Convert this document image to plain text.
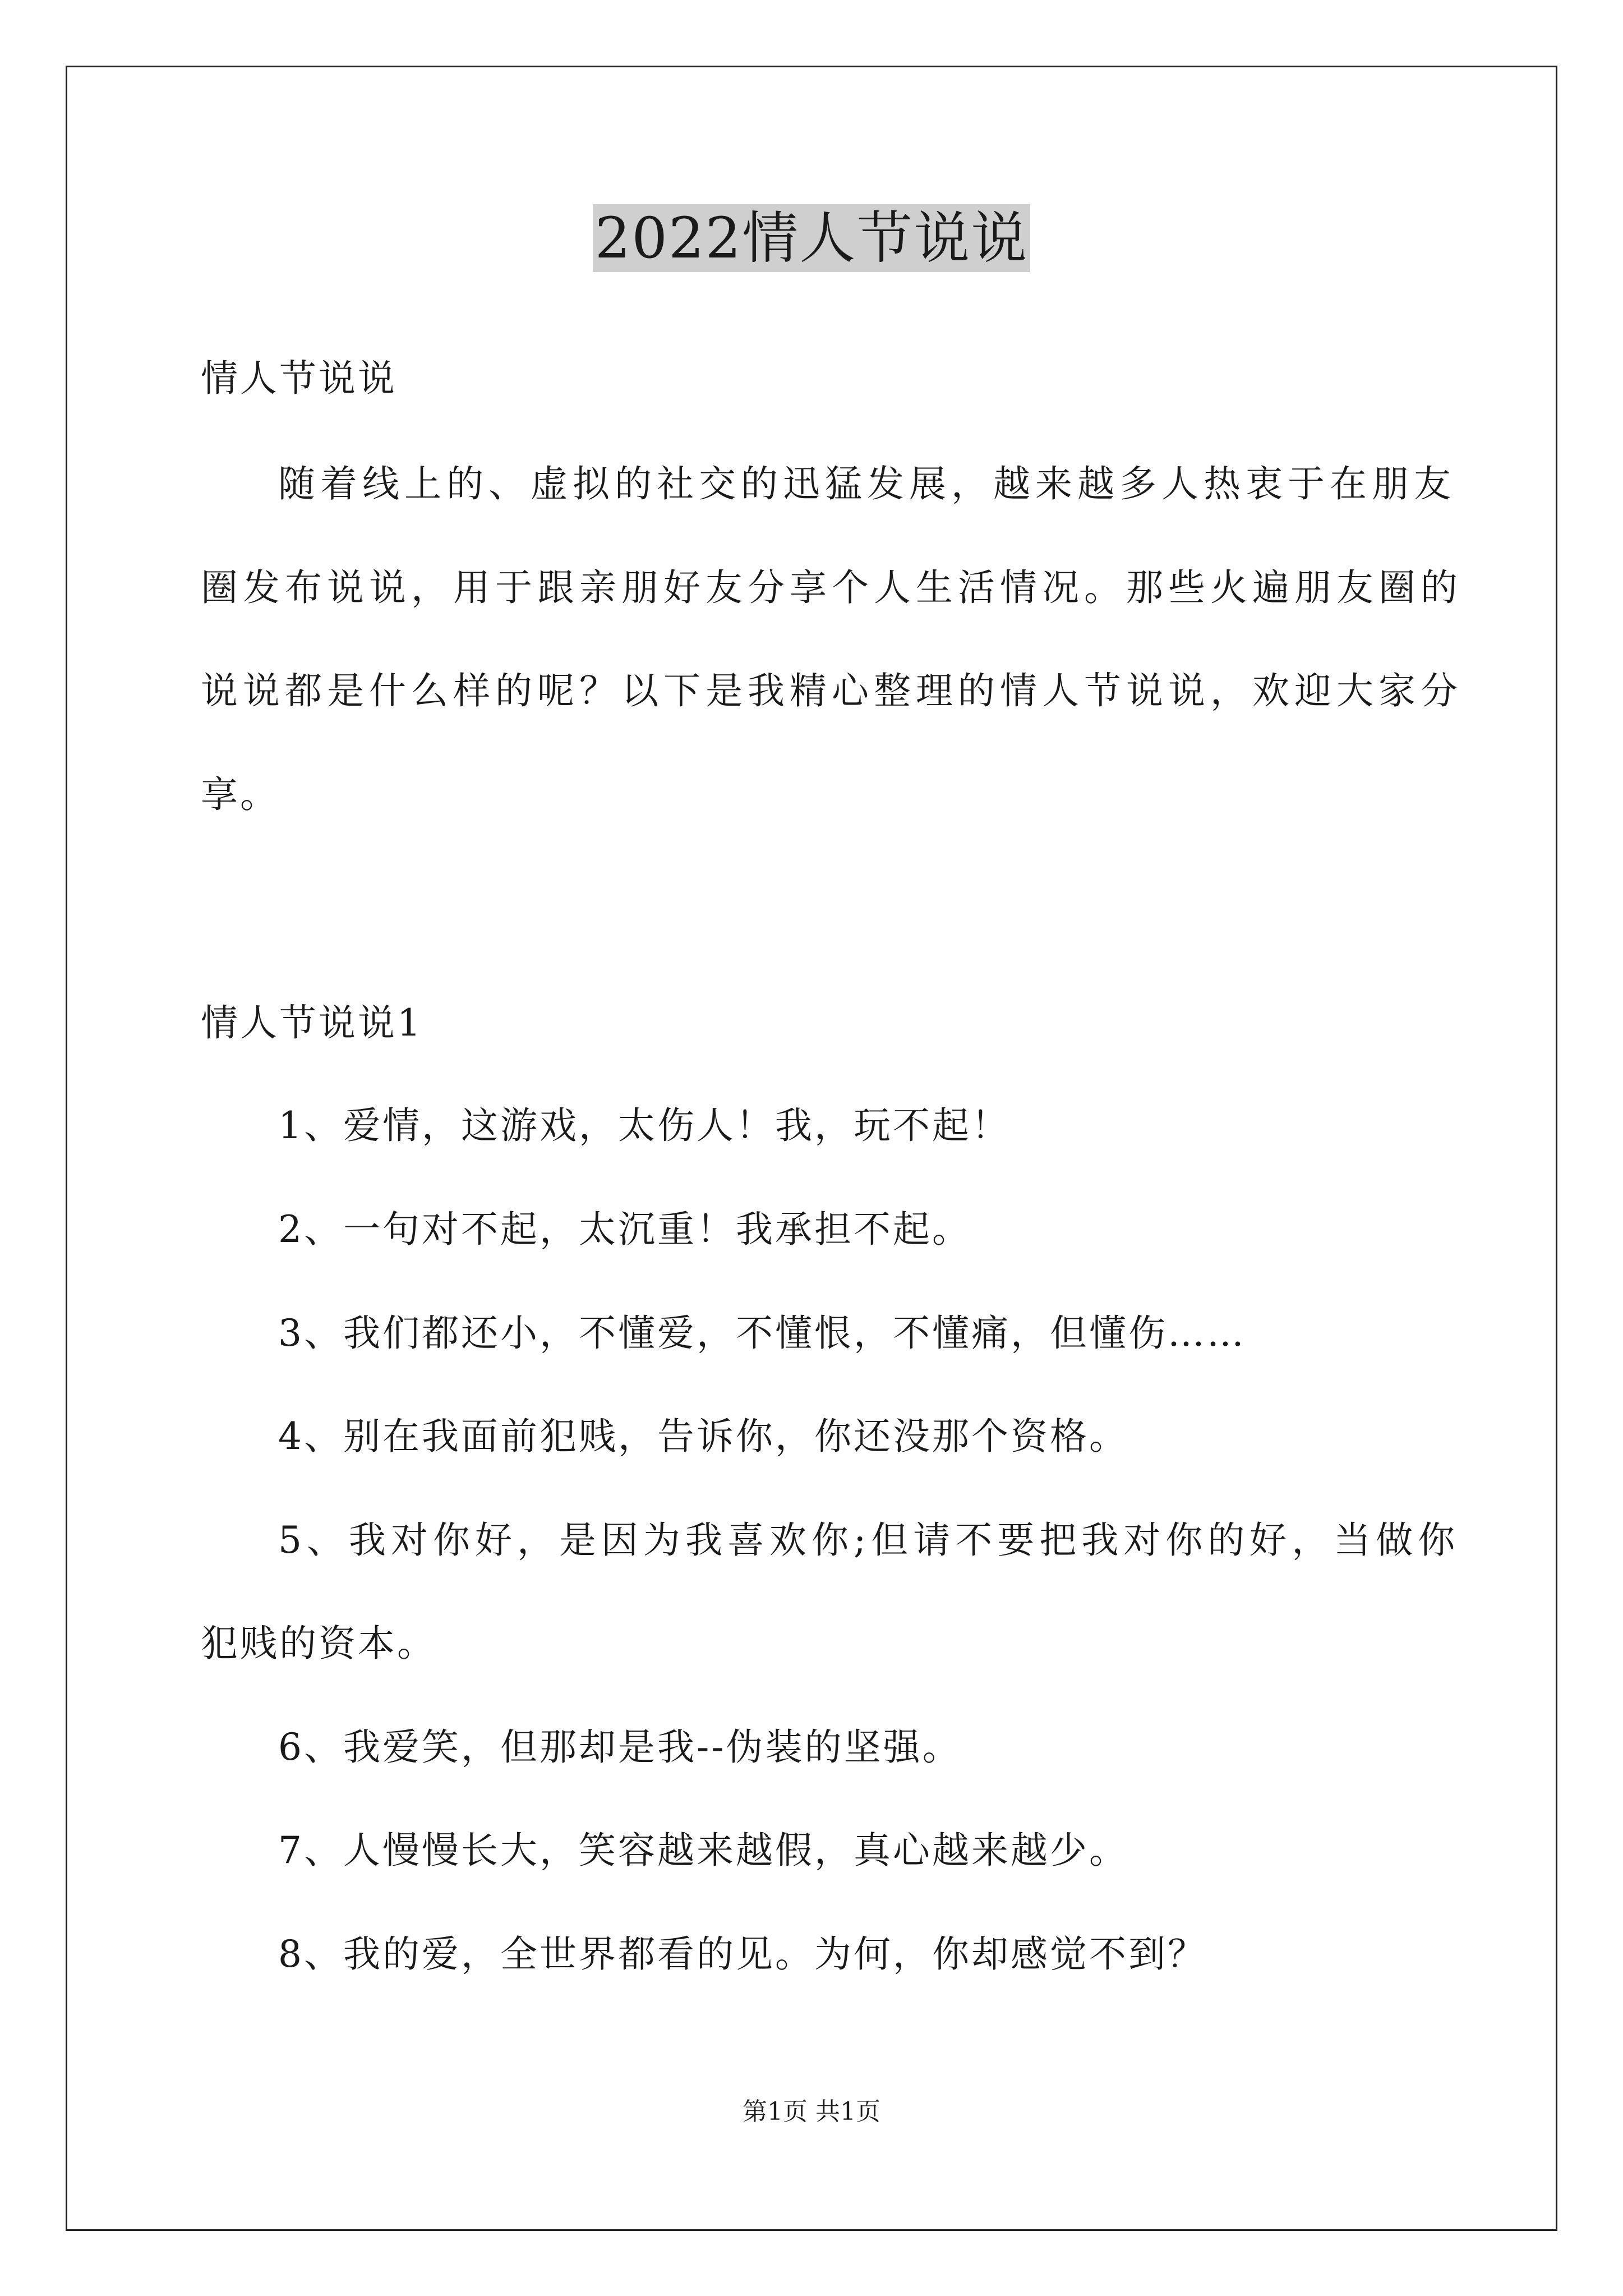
2022情人节说说
情人节说说
随着线上的、虚拟的社交的迅猛发展，越来越多人热衷于在朋友
圈发布说说，用于跟亲朋好友分享个人生活情况。那些火遍朋友圈的
说说都是什么样的呢？以下是我精心整理的情人节说说，欢迎大家分
享。
情人节说说1
1、爱情，这游戏，太伤人！我，玩不起！
2、一句对不起，太沉重！我承担不起。
3、我们都还小，不懂爱，不懂恨，不懂痛，但懂伤……
4、别在我面前犯贱，告诉你，你还没那个资格。
5、我对你好，是因为我喜欢你;但请不要把我对你的好，当做你
犯贱的资本。
6、我爱笑，但那却是我--伪装的坚强。
7、人慢慢长大，笑容越来越假，真心越来越少。
8、我的爱，全世界都看的见。为何，你却感觉不到？
第1页 共1页
